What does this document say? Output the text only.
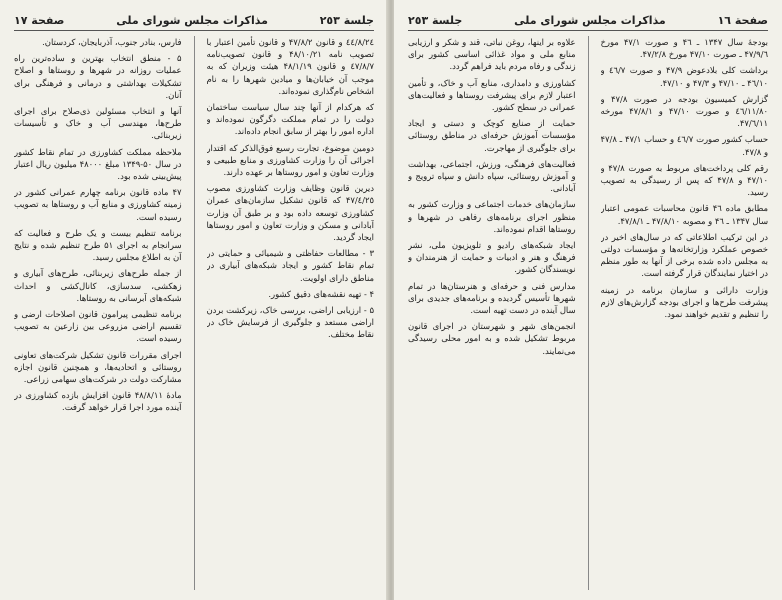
جلسة ٢٥٣
مذاکرات مجلس شورای ملی
صفحة ١٧

٤٤/٨/٢٤ و قانون ۴٧/٨/٢ و قانون تأمین اعتبار با تصویب نامه ۴٨/١٠/٢١ و قانون تصویب‌نامه ٤٧/٨/٧ و قانون ۴٨/١/١٩ هیئت وزیران که به موجب آن خیابان‌ها و میادین شهرها را به نام اشخاص نام‌گذاری نموده‌اند.

که هرکدام از آنها چند سال سیاست ساختمان دولت را در تمام مملکت دگرگون نموده‌اند و اداره امور را بهتر از سابق انجام داده‌اند.

دومین موضوع، تجارت رسیع فوق‌الذکر که اقتدار اجرائی آن را وزارت کشاورزی و منابع طبیعی و وزارت تعاون و امور روستاها بر عهده دارند.

دیرین قانون وظایف وزارت کشاورزی مصوب ۴٧/٤/٢٥ که قانون تشکیل سازمان‌های عمران کشاورزی توسعه داده بود و بر طبق آن وزارت آبادانی و مسکن و وزارت تعاون و امور روستاها ایجاد گردید.

۳ - مطالعات حفاظتی و شیمیائی و حمایتی در تمام نقاط کشور و ایجاد شبکه‌های آبیاری در مناطق دارای اولویت.

۴ - تهیه نقشه‌های دقیق کشور.

۵ - ارزیابی اراضی، بررسی خاک، زیرکشت بردن اراضی مستعد و جلوگیری از فرسایش خاک در نقاط مختلف.

فارس، بنادر جنوب، آذربایجان، کردستان.

۵ - منطق انتخاب بهترین و ساده‌ترین راه عملیات روزانه در شهرها و روستاها و اصلاح تشکیلات بهداشتی و درمانی و فرهنگی برای آنان.

آنها و انتخاب مسئولین ذی‌صلاح برای اجرای طرح‌ها، مهندسی آب و خاک و تأسیسات زیربنائی.

ملاحظه مملکت کشاورزی در تمام نقاط کشور در سال ۵۰-۱۳۴۹ مبلغ ۴٨٠٠٠ میلیون ریال اعتبار پیش‌بینی شده بود.

۴۷ ماده قانون برنامه چهارم عمرانی کشور در زمینه کشاورزی و منابع آب و روستاها به تصویب رسیده است.

برنامه تنظیم بیست و یک طرح و فعالیت که سرانجام به اجرای ۵۱ طرح تنظیم شده و نتایج آن به اطلاع مجلس رسید.

از جمله طرح‌های زیربنائی، طرح‌های آبیاری و زهکشی، سدسازی، کانال‌کشی و احداث شبکه‌های آبرسانی به روستاها.

برنامه تنظیمی پیرامون قانون اصلاحات ارضی و تقسیم اراضی مزروعی بین زارعین به تصویب رسیده است.

اجرای مقررات قانون تشکیل شرکت‌های تعاونی روستائی و اتحادیه‌ها، و همچنین قانون اجازه مشارکت دولت در شرکت‌های سهامی زراعی.

مادهٔ ۴٨/٨/١۱ قانون افزایش بازده کشاورزی در آینده مورد اجرا قرار خواهد گرفت.

صفحة ١٦
مذاکرات مجلس شورای ملی
جلسة ٢٥٣

بودجهٔ سال ۱۳۴۷ ـ ۴٦ و صورت ۴٧/۱ مورخ ۴۷/٩/٦ ـ صورت ۴٧/١٠ مورخ ۴٧/۲/٨.

برداشت کلی بلادعوض ۴٧/٩ و صورت ٤٦/٧ و ۴٦/١٠ ـ ۴٧/١٠ و ۴٧/۳ و ۴٧/۱۰.

گزارش کمیسیون بودجه در صورت ۴٧/٨ و ٤٦/۱۱/٨٠ و صورت ۴٧/١٠ و ۴٧/٨/١ مورخه ۴٧/٦/١۱.

حساب کشور صورت ٤٦/٧ و حساب ۴٧/١ ـ ۴٧/٨ و ۴٧/٨.

رقم کلی پرداخت‌های مربوط به صورت ۴٧/٨ و ۴٧/۱۰ و ۴٧/٨ که پس از رسیدگی به تصویب رسید.

مطابق ماده ۴٦ قانون محاسبات عمومی اعتبار سال ۱۳۴۷ ـ ۴٦ و مصوبه ۴٧/٨/١٠ ـ ۴٧/٨/١.

در این ترکیب اطلاعاتی که در سال‌های اخیر در خصوص عملکرد وزارتخانه‌ها و مؤسسات دولتی به مجلس داده شده برخی از آنها به طور منظم در اختیار نمایندگان قرار گرفته است.

وزارت دارائی و سازمان برنامه در زمینه پیشرفت طرح‌ها و اجرای بودجه گزارش‌های لازم را تنظیم و تقدیم خواهند نمود.

علاوه بر اینها، روغن نباتی، قند و شکر و ارزیابی منابع ملی و مواد غذائی اساسی کشور برای زندگی و رفاه مردم باید فراهم گردد.

کشاورزی و دامداری، منابع آب و خاک، و تأمین اعتبار لازم برای پیشرفت روستاها و فعالیت‌های عمرانی در سطح کشور.

حمایت از صنایع کوچک و دستی و ایجاد مؤسسات آموزش حرفه‌ای در مناطق روستائی برای جلوگیری از مهاجرت.

فعالیت‌های فرهنگی، ورزش، اجتماعی، بهداشت و آموزش روستائی، سپاه دانش و سپاه ترویج و آبادانی.

سازمان‌های خدمات اجتماعی و وزارت کشور به منظور اجرای برنامه‌های رفاهی در شهرها و روستاها اقدام نموده‌اند.

ایجاد شبکه‌های رادیو و تلویزیون ملی، نشر فرهنگ و هنر و ادبیات و حمایت از هنرمندان و نویسندگان کشور.

مدارس فنی و حرفه‌ای و هنرستان‌ها در تمام شهرها تأسیس گردیده و برنامه‌های جدیدی برای سال آینده در دست تهیه است.

انجمن‌های شهر و شهرستان در اجرای قانون مربوط تشکیل شده و به امور محلی رسیدگی می‌نمایند.
